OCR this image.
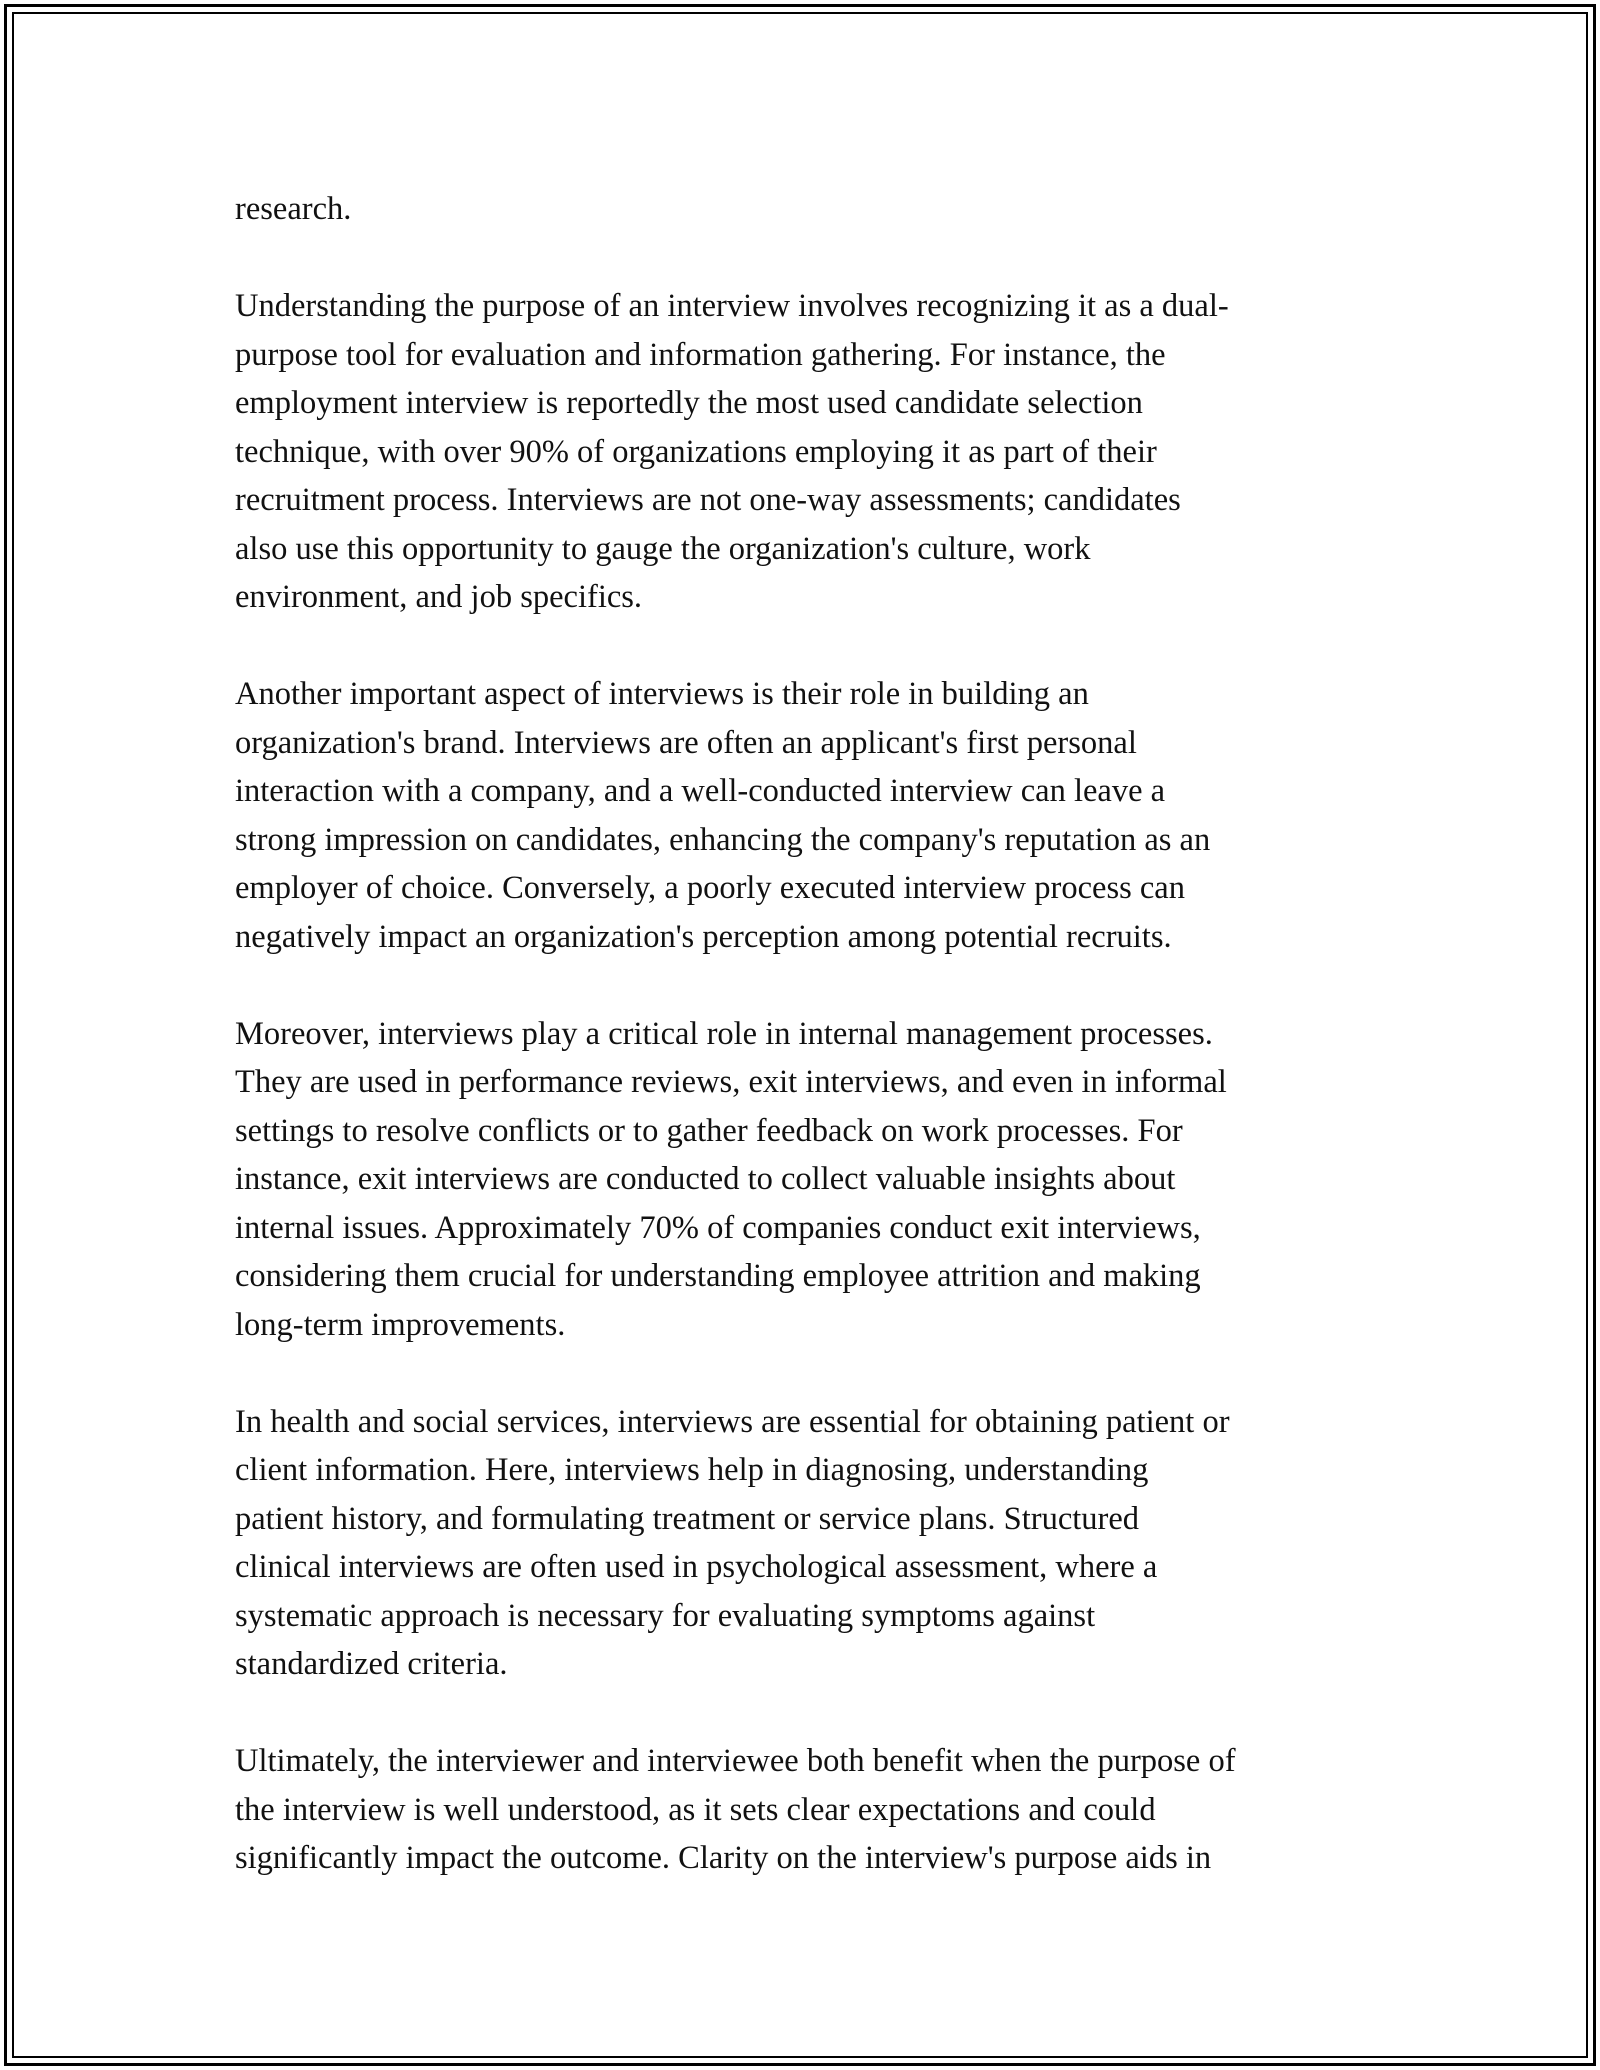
research.

Understanding the purpose of an interview involves recognizing it as a dual-
purpose tool for evaluation and information gathering. For instance, the
employment interview is reportedly the most used candidate selection
technique, with over 90% of organizations employing it as part of their
recruitment process. Interviews are not one-way assessments; candidates
also use this opportunity to gauge the organization's culture, work
environment, and job specifics.

Another important aspect of interviews is their role in building an
organization's brand. Interviews are often an applicant's first personal
interaction with a company, and a well-conducted interview can leave a
strong impression on candidates, enhancing the company's reputation as an
employer of choice. Conversely, a poorly executed interview process can
negatively impact an organization's perception among potential recruits.

Moreover, interviews play a critical role in internal management processes.
They are used in performance reviews, exit interviews, and even in informal
settings to resolve conflicts or to gather feedback on work processes. For
instance, exit interviews are conducted to collect valuable insights about
internal issues. Approximately 70% of companies conduct exit interviews,
considering them crucial for understanding employee attrition and making
long-term improvements.

In health and social services, interviews are essential for obtaining patient or
client information. Here, interviews help in diagnosing, understanding
patient history, and formulating treatment or service plans. Structured
clinical interviews are often used in psychological assessment, where a
systematic approach is necessary for evaluating symptoms against
standardized criteria.

Ultimately, the interviewer and interviewee both benefit when the purpose of
the interview is well understood, as it sets clear expectations and could
significantly impact the outcome. Clarity on the interview's purpose aids in
